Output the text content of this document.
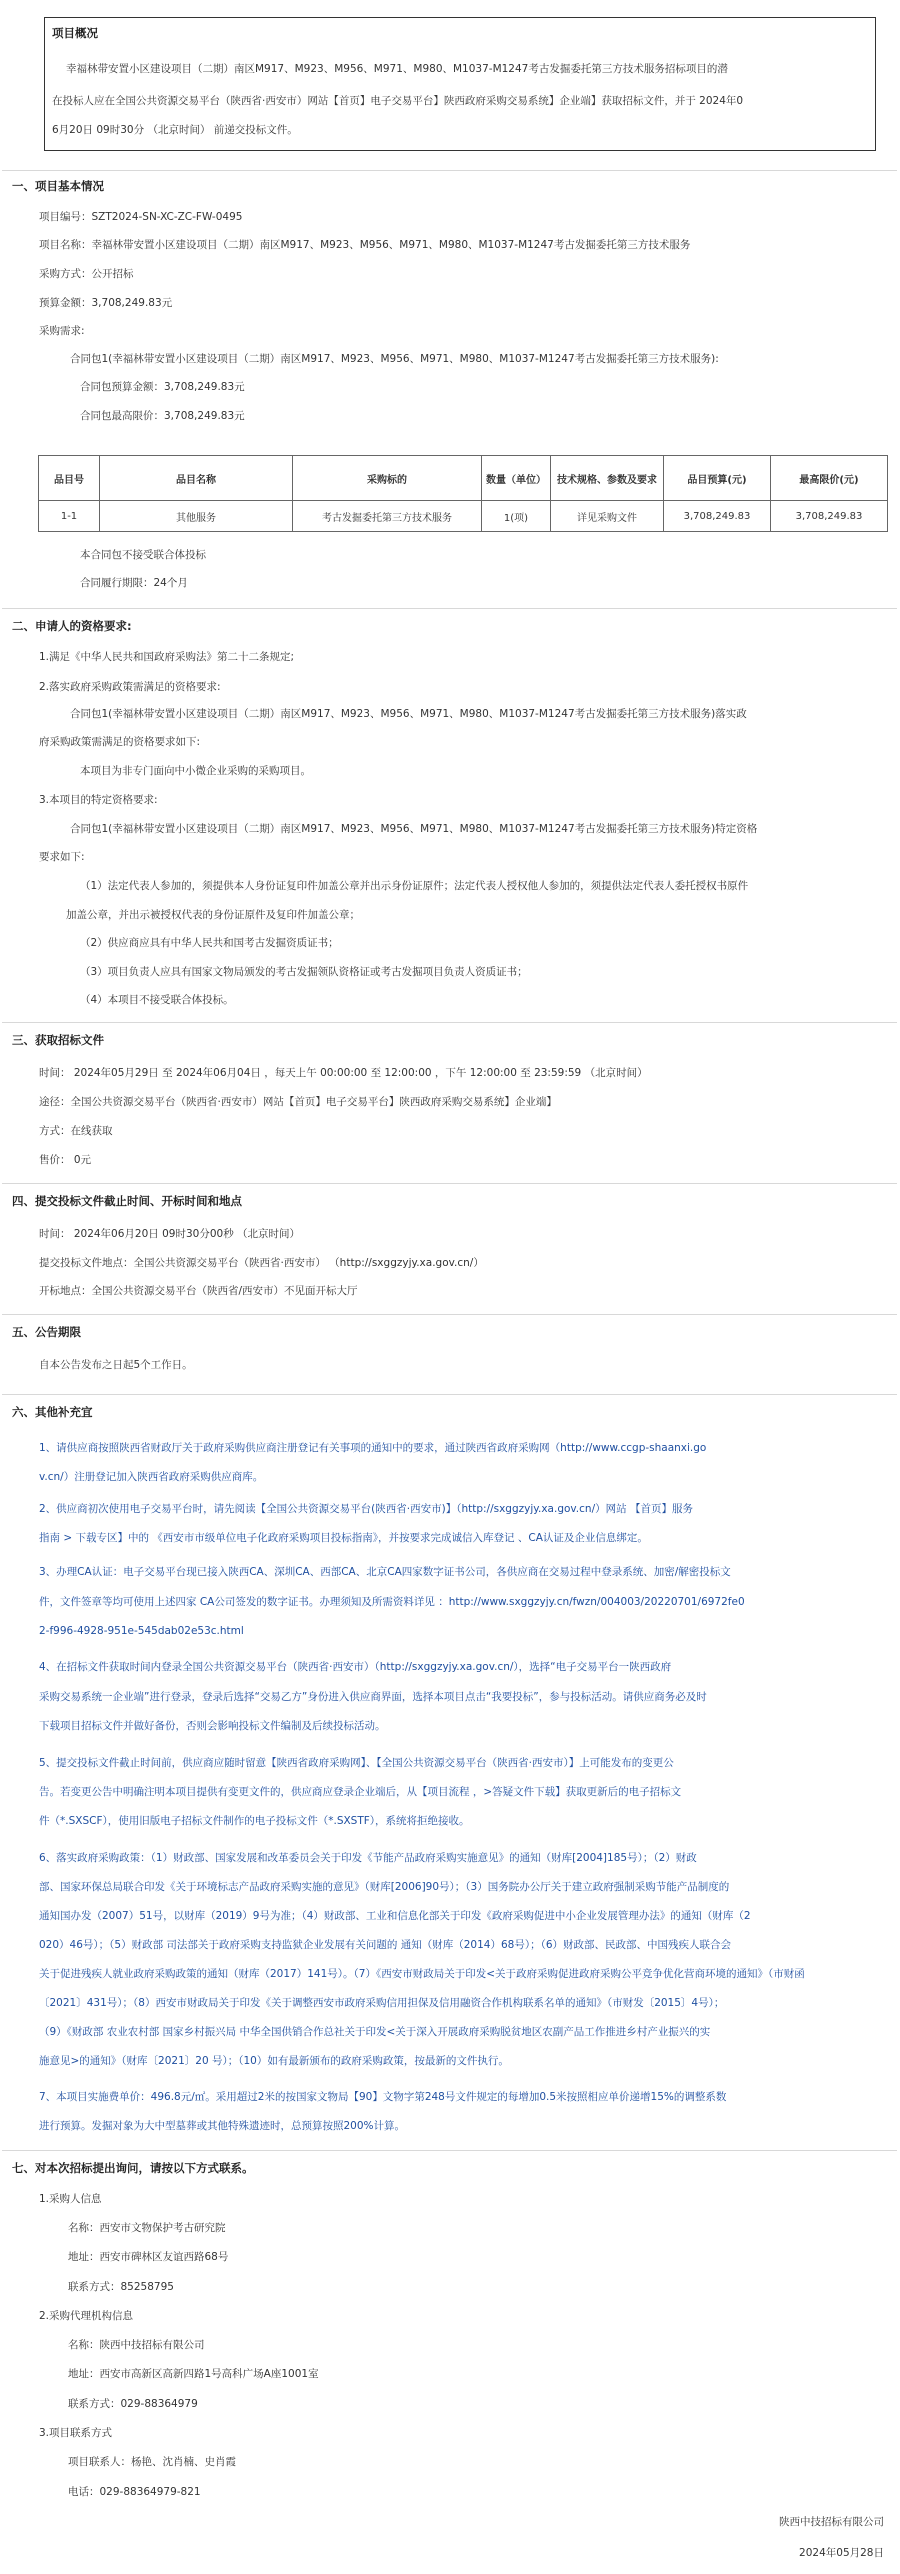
项目概况
幸福林带安置小区建设项目（二期）南区M917、M923、M956、M971、M980、M1037-M1247考古发掘委托第三方技术服务招标项目的潜
在投标人应在全国公共资源交易平台（陕西省·西安市）网站【首页】电子交易平台】陕西政府采购交易系统】企业端】获取招标文件，并于 2024年0
6月20日 09时30分 （北京时间） 前递交投标文件。
一、项目基本情况
项目编号：SZT2024-SN-XC-ZC-FW-0495
项目名称：幸福林带安置小区建设项目（二期）南区M917、M923、M956、M971、M980、M1037-M1247考古发掘委托第三方技术服务
采购方式：公开招标
预算金额：3,708,249.83元
采购需求:
合同包1(幸福林带安置小区建设项目（二期）南区M917、M923、M956、M971、M980、M1037-M1247考古发掘委托第三方技术服务):
合同包预算金额：3,708,249.83元
合同包最高限价：3,708,249.83元
品目号	品目名称	采购标的	数量（单位）	技术规格、参数及要求	品目预算(元)	最高限价(元)
1-1	其他服务	考古发掘委托第三方技术服务	1(项)	详见采购文件	3,708,249.83	3,708,249.83
本合同包不接受联合体投标
合同履行期限：24个月
二、申请人的资格要求:
1.满足《中华人民共和国政府采购法》第二十二条规定;
2.落实政府采购政策需满足的资格要求:
合同包1(幸福林带安置小区建设项目（二期）南区M917、M923、M956、M971、M980、M1037-M1247考古发掘委托第三方技术服务)落实政
府采购政策需满足的资格要求如下:
本项目为非专门面向中小微企业采购的采购项目。
3.本项目的特定资格要求:
合同包1(幸福林带安置小区建设项目（二期）南区M917、M923、M956、M971、M980、M1037-M1247考古发掘委托第三方技术服务)特定资格
要求如下:
（1）法定代表人参加的，须提供本人身份证复印件加盖公章并出示身份证原件；法定代表人授权他人参加的，须提供法定代表人委托授权书原件
加盖公章，并出示被授权代表的身份证原件及复印件加盖公章；
（2）供应商应具有中华人民共和国考古发掘资质证书；
（3）项目负责人应具有国家文物局颁发的考古发掘领队资格证或考古发掘项目负责人资质证书；
（4）本项目不接受联合体投标。
三、获取招标文件
时间： 2024年05月29日 至 2024年06月04日 ，每天上午 00:00:00 至 12:00:00 ，下午 12:00:00 至 23:59:59 （北京时间）
途径：全国公共资源交易平台（陕西省·西安市）网站【首页】电子交易平台】陕西政府采购交易系统】企业端】
方式：在线获取
售价： 0元
四、提交投标文件截止时间、开标时间和地点
时间： 2024年06月20日 09时30分00秒 （北京时间）
提交投标文件地点：全国公共资源交易平台（陕西省·西安市） （http://sxggzyjy.xa.gov.cn/）
开标地点：全国公共资源交易平台（陕西省/西安市）不见面开标大厅
五、公告期限
自本公告发布之日起5个工作日。
六、其他补充宜
1、请供应商按照陕西省财政厅关于政府采购供应商注册登记有关事项的通知中的要求，通过陕西省政府采购网（http://www.ccgp-shaanxi.go
v.cn/）注册登记加入陕西省政府采购供应商库。
2、供应商初次使用电子交易平台时，请先阅读【全国公共资源交易平台(陕西省·西安市)】（http://sxggzyjy.xa.gov.cn/）网站 【首页】服务
指南 > 下载专区】中的 《西安市市级单位电子化政府采购项目投标指南》，并按要求完成诚信入库登记 、CA认证及企业信息绑定。
3、办理CA认证：电子交易平台现已接入陕西CA、深圳CA、西部CA、北京CA四家数字证书公司，各供应商在交易过程中登录系统、加密/解密投标文
件，文件签章等均可使用上述四家 CA公司签发的数字证书。办理须知及所需资料详见 ：http://www.sxggzyjy.cn/fwzn/004003/20220701/6972fe0
2-f996-4928-951e-545dab02e53c.html
4、在招标文件获取时间内登录全国公共资源交易平台（陕西省·西安市）（http://sxggzyjy.xa.gov.cn/），选择“电子交易平台一陕西政府
采购交易系统一企业端”进行登录，登录后选择“交易乙方”身份进入供应商界面，选择本项目点击“我要投标”，参与投标活动。请供应商务必及时
下载项目招标文件并做好备份，否则会影响投标文件编制及后续投标活动。
5、提交投标文件截止时间前，供应商应随时留意【陕西省政府采购网】、【全国公共资源交易平台（陕西省·西安市）】上可能发布的变更公
告。若变更公告中明确注明本项目提供有变更文件的，供应商应登录企业端后，从【项目流程 ，>答疑文件下载】获取更新后的电子招标文
件（*.SXSCF），使用旧版电子招标文件制作的电子投标文件（*.SXSTF），系统将拒绝接收。
6、落实政府采购政策：（1）财政部、国家发展和改革委员会关于印发《节能产品政府采购实施意见》的通知（财库[2004]185号）；（2）财政
部、国家环保总局联合印发《关于环境标志产品政府采购实施的意见》（财库[2006]90号）；（3）国务院办公厅关于建立政府强制采购节能产品制度的
通知国办发（2007）51号，以财库（2019）9号为准；（4）财政部、工业和信息化部关于印发《政府采购促进中小企业发展管理办法》的通知（财库（2
020）46号）；（5）财政部 司法部关于政府采购支持监狱企业发展有关问题的 通知（财库（2014）68号）；（6）财政部、民政部、中国残疾人联合会
关于促进残疾人就业政府采购政策的通知（财库（2017）141号）。（7）《西安市财政局关于印发<关于政府采购促进政府采购公平竞争优化营商环境的通知》（市财函
〔2021〕431号）；（8）西安市财政局关于印发《关于调整西安市政府采购信用担保及信用融资合作机构联系名单的通知》（市财发〔2015〕4号）；
（9）《财政部 农业农村部 国家乡村振兴局 中华全国供销合作总社关于印发<关于深入开展政府采购脱贫地区农副产品工作推进乡村产业振兴的实
施意见>的通知》（财库〔2021〕20 号）；（10）如有最新颁布的政府采购政策，按最新的文件执行。
7、本项目实施费单价：496.8元/㎡。采用超过2米的按国家文物局【90】文物字第248号文件规定的每增加0.5米按照相应单价递增15%的调整系数
进行预算。发掘对象为大中型墓葬或其他特殊遗迹时，总预算按照200%计算。
七、对本次招标提出询问，请按以下方式联系。
1.采购人信息
名称：西安市文物保护考古研究院
地址：西安市碑林区友谊西路68号
联系方式：85258795
2.采购代理机构信息
名称：陕西中技招标有限公司
地址：西安市高新区高新四路1号高科广场A座1001室
联系方式：029-88364979
3.项目联系方式
项目联系人：杨艳、沈肖楠、史肖霞
电话：029-88364979-821
陕西中技招标有限公司
2024年05月28日
